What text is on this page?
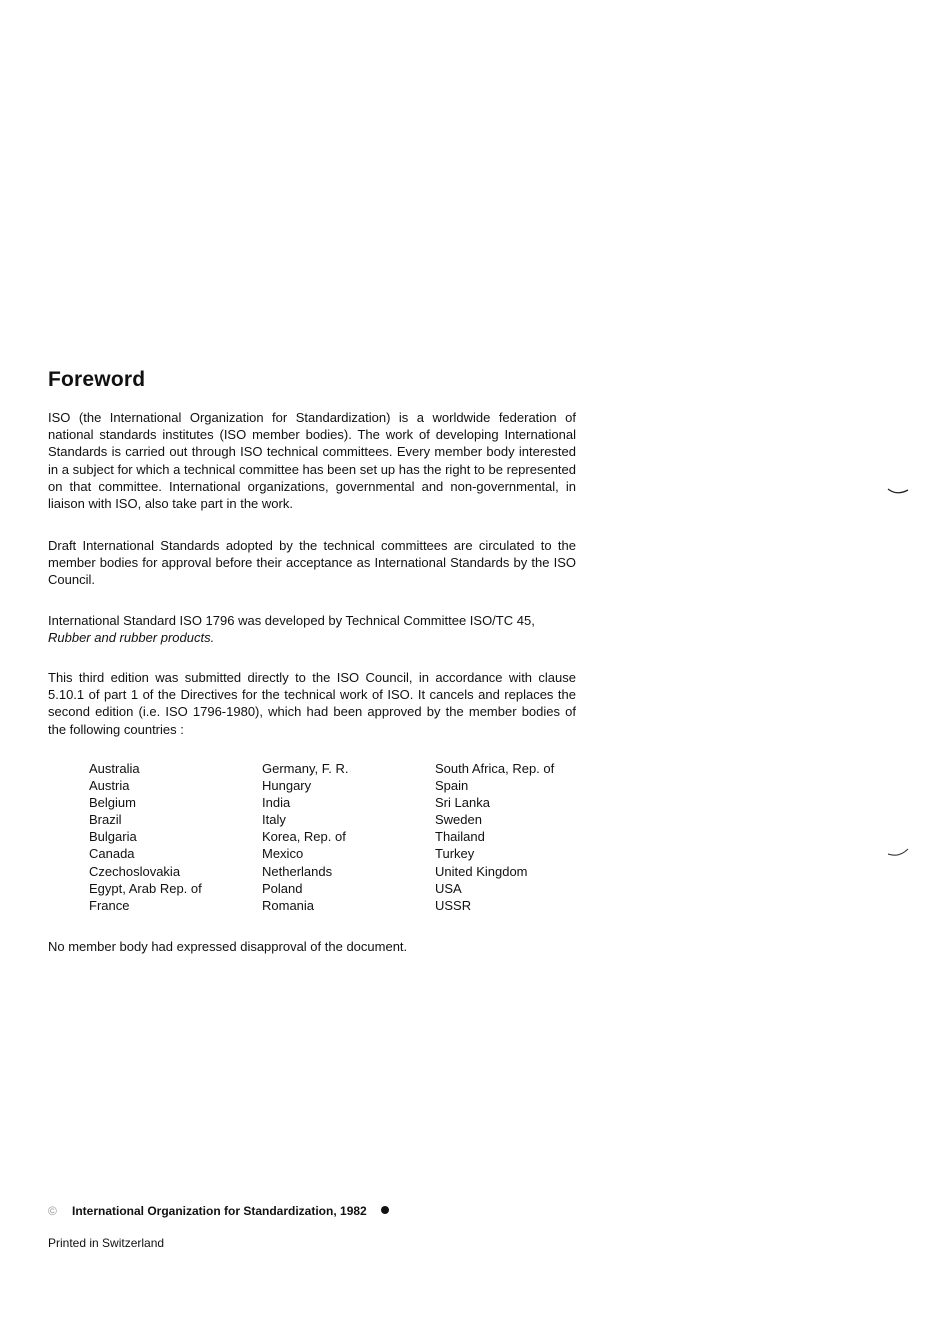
Foreword

ISO (the International Organization for Standardization) is a worldwide federation of national standards institutes (ISO member bodies). The work of developing International Standards is carried out through ISO technical committees. Every member body interested in a subject for which a technical committee has been set up has the right to be represented on that committee. International organizations, governmental and non-governmental, in liaison with ISO, also take part in the work.

Draft International Standards adopted by the technical committees are circulated to the member bodies for approval before their acceptance as International Standards by the ISO Council.

International Standard ISO 1796 was developed by Technical Committee ISO/TC 45,
Rubber and rubber products.

This third edition was submitted directly to the ISO Council, in accordance with clause 5.10.1 of part 1 of the Directives for the technical work of ISO. It cancels and replaces the second edition (i.e. ISO 1796-1980), which had been approved by the member bodies of the following countries :

Australia
Austria
Belgium
Brazil
Bulgaria
Canada
Czechoslovakia
Egypt, Arab Rep. of
France
Germany, F. R.
Hungary
India
Italy
Korea, Rep. of
Mexico
Netherlands
Poland
Romania
South Africa, Rep. of
Spain
Sri Lanka
Sweden
Thailand
Turkey
United Kingdom
USA
USSR

No member body had expressed disapproval of the document.

© International Organization for Standardization, 1982
Printed in Switzerland
